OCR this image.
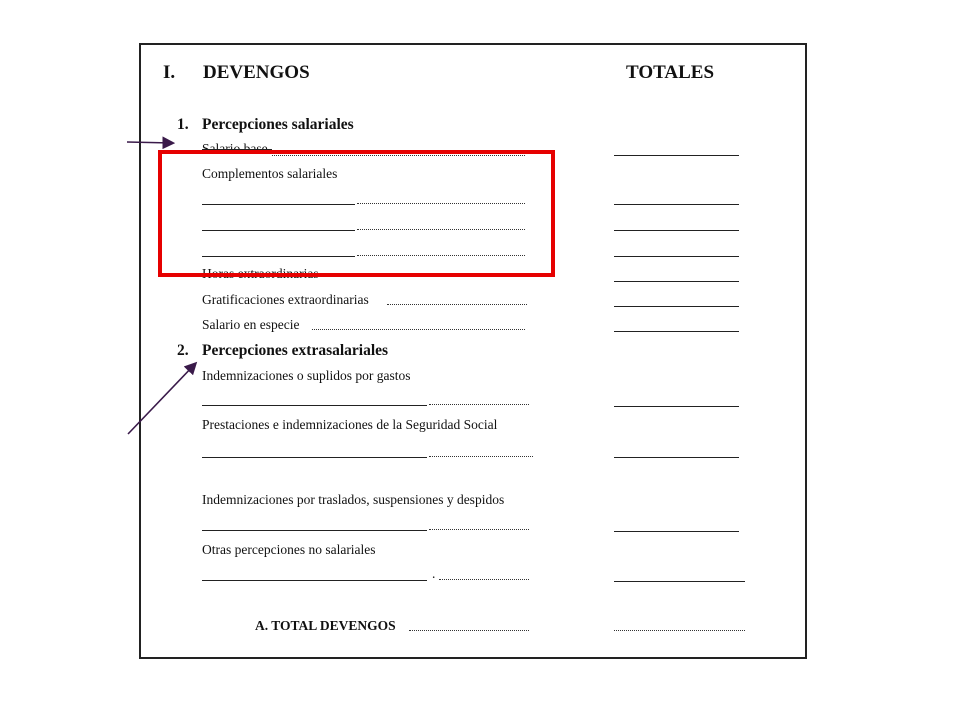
I. DEVENGOS	TOTALES
1. Percepciones salariales
Salario base
Complementos salariales
Horas extraordinarias
Gratificaciones extraordinarias
Salario en especie
2. Percepciones extrasalariales
Indemnizaciones o suplidos por gastos
Prestaciones e indemnizaciones de la Seguridad Social
Indemnizaciones por traslados, suspensiones y despidos
Otras percepciones no salariales
.
A. TOTAL DEVENGOS
